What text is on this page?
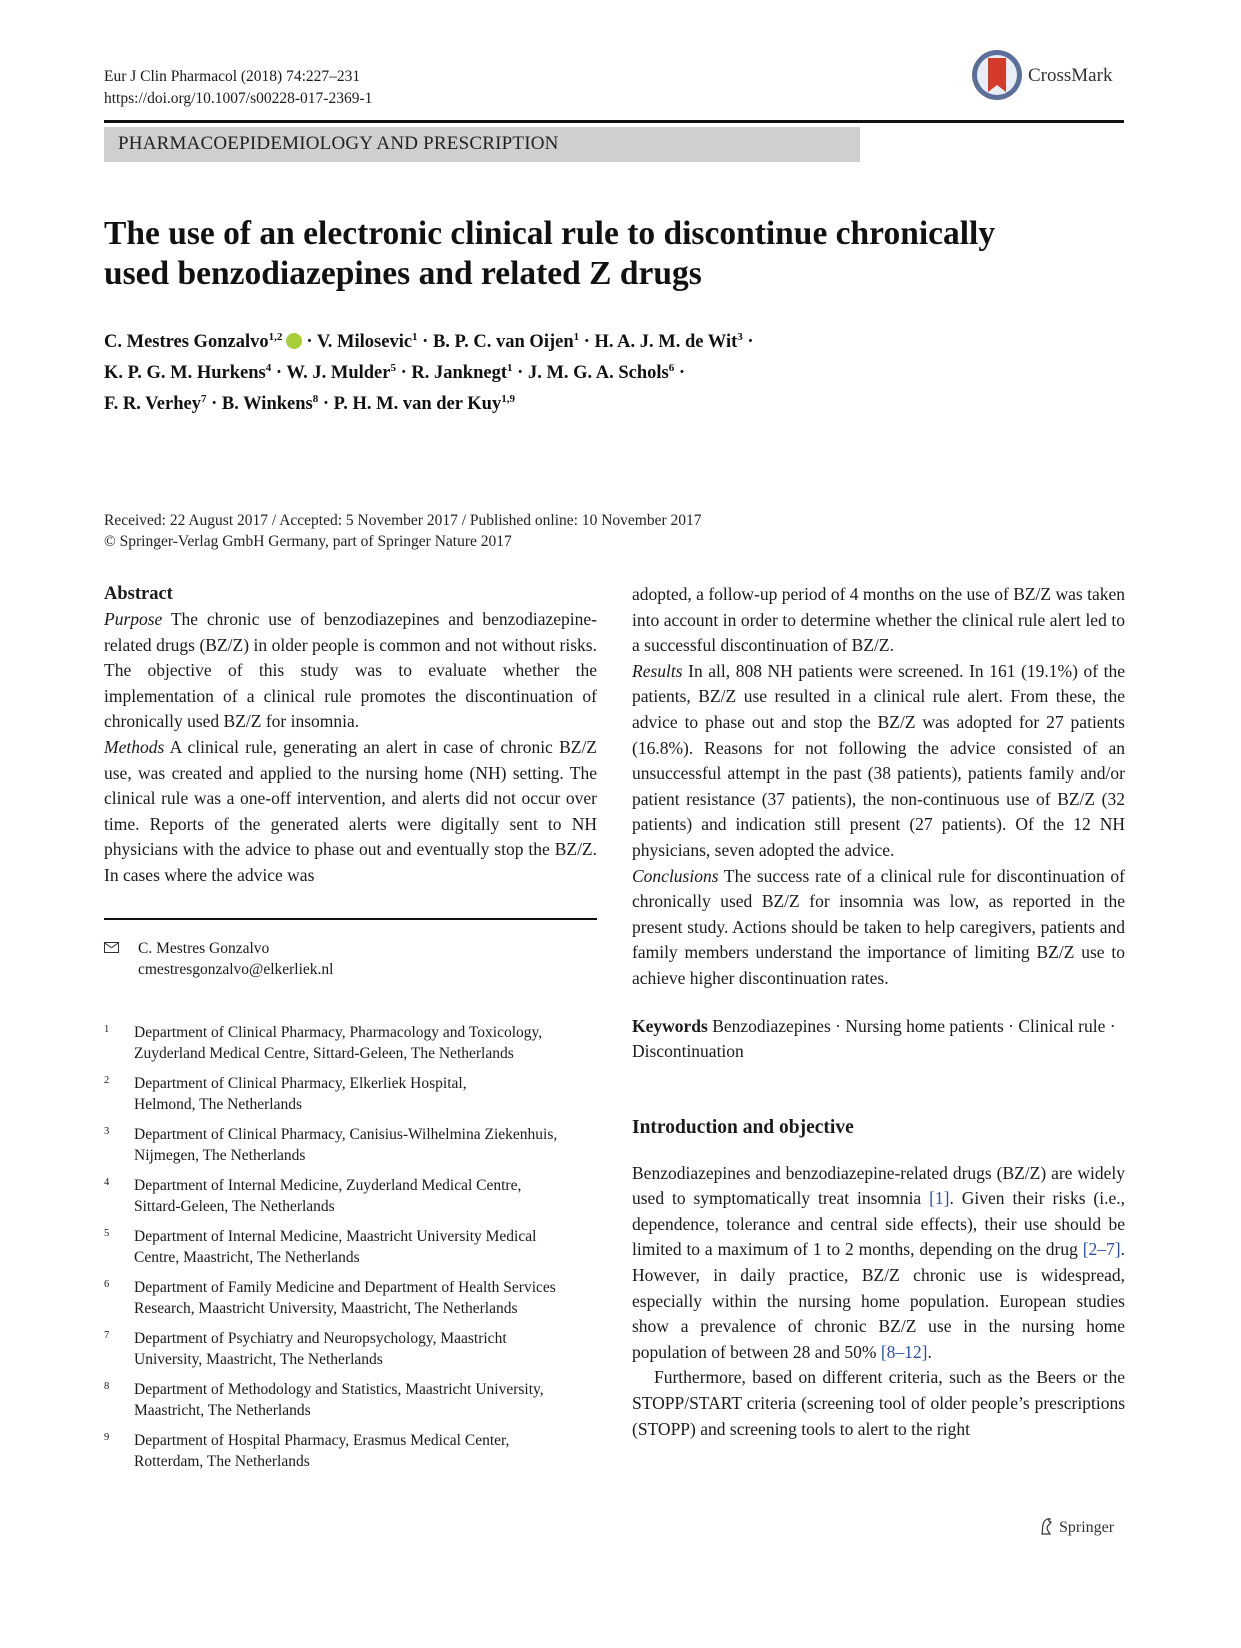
Eur J Clin Pharmacol (2018) 74:227–231
https://doi.org/10.1007/s00228-017-2369-1
CrossMark
PHARMACOEPIDEMIOLOGY AND PRESCRIPTION
The use of an electronic clinical rule to discontinue chronically
used benzodiazepines and related Z drugs
C. Mestres Gonzalvo$^{1,2}$ · V. Milosevic$^1$ · B. P. C. van Oijen$^1$ · H. A. J. M. de Wit$^3$ ·
K. P. G. M. Hurkens$^4$ · W. J. Mulder$^5$ · R. Janknegt$^1$ · J. M. G. A. Schols$^6$ ·
F. R. Verhey$^7$ · B. Winkens$^8$ · P. H. M. van der Kuy$^{1,9}$
Received: 22 August 2017 / Accepted: 5 November 2017 / Published online: 10 November 2017
© Springer-Verlag GmbH Germany, part of Springer Nature 2017

Abstract

Purpose The chronic use of benzodiazepines and benzodiazepine-related drugs (BZ/Z) in older people is common and not without risks. The objective of this study was to evaluate whether the implementation of a clinical rule promotes the discontinuation of chronically used BZ/Z for insomnia.

Methods A clinical rule, generating an alert in case of chronic BZ/Z use, was created and applied to the nursing home (NH) setting. The clinical rule was a one-off intervention, and alerts did not occur over time. Reports of the generated alerts were digitally sent to NH physicians with the advice to phase out and eventually stop the BZ/Z. In cases where the advice was

C. Mestres Gonzalvo
cmestresgonzalvo@elkerliek.nl
1 Department of Clinical Pharmacy, Pharmacology and Toxicology,
Zuyderland Medical Centre, Sittard-Geleen, The Netherlands
2 Department of Clinical Pharmacy, Elkerliek Hospital,
Helmond, The Netherlands
3 Department of Clinical Pharmacy, Canisius-Wilhelmina Ziekenhuis,
Nijmegen, The Netherlands
4 Department of Internal Medicine, Zuyderland Medical Centre,
Sittard-Geleen, The Netherlands
5 Department of Internal Medicine, Maastricht University Medical
Centre, Maastricht, The Netherlands
6 Department of Family Medicine and Department of Health Services
Research, Maastricht University, Maastricht, The Netherlands
7 Department of Psychiatry and Neuropsychology, Maastricht
University, Maastricht, The Netherlands
8 Department of Methodology and Statistics, Maastricht University,
Maastricht, The Netherlands
9 Department of Hospital Pharmacy, Erasmus Medical Center,
Rotterdam, The Netherlands

adopted, a follow-up period of 4 months on the use of BZ/Z was taken into account in order to determine whether the clinical rule alert led to a successful discontinuation of BZ/Z.

Results In all, 808 NH patients were screened. In 161 (19.1%) of the patients, BZ/Z use resulted in a clinical rule alert. From these, the advice to phase out and stop the BZ/Z was adopted for 27 patients (16.8%). Reasons for not following the advice consisted of an unsuccessful attempt in the past (38 patients), patients family and/or patient resistance (37 patients), the non-continuous use of BZ/Z (32 patients) and indication still present (27 patients). Of the 12 NH physicians, seven adopted the advice.

Conclusions The success rate of a clinical rule for discontinuation of chronically used BZ/Z for insomnia was low, as reported in the present study. Actions should be taken to help caregivers, patients and family members understand the importance of limiting BZ/Z use to achieve higher discontinuation rates.

Keywords Benzodiazepines · Nursing home patients · Clinical rule · Discontinuation

Introduction and objective

Benzodiazepines and benzodiazepine-related drugs (BZ/Z) are widely used to symptomatically treat insomnia [1]. Given their risks (i.e., dependence, tolerance and central side effects), their use should be limited to a maximum of 1 to 2 months, depending on the drug [2–7]. However, in daily practice, BZ/Z chronic use is widespread, especially within the nursing home population. European studies show a prevalence of chronic BZ/Z use in the nursing home population of between 28 and 50% [8–12].

Furthermore, based on different criteria, such as the Beers or the STOPP/START criteria (screening tool of older people’s prescriptions (STOPP) and screening tools to alert to the right

Springer
